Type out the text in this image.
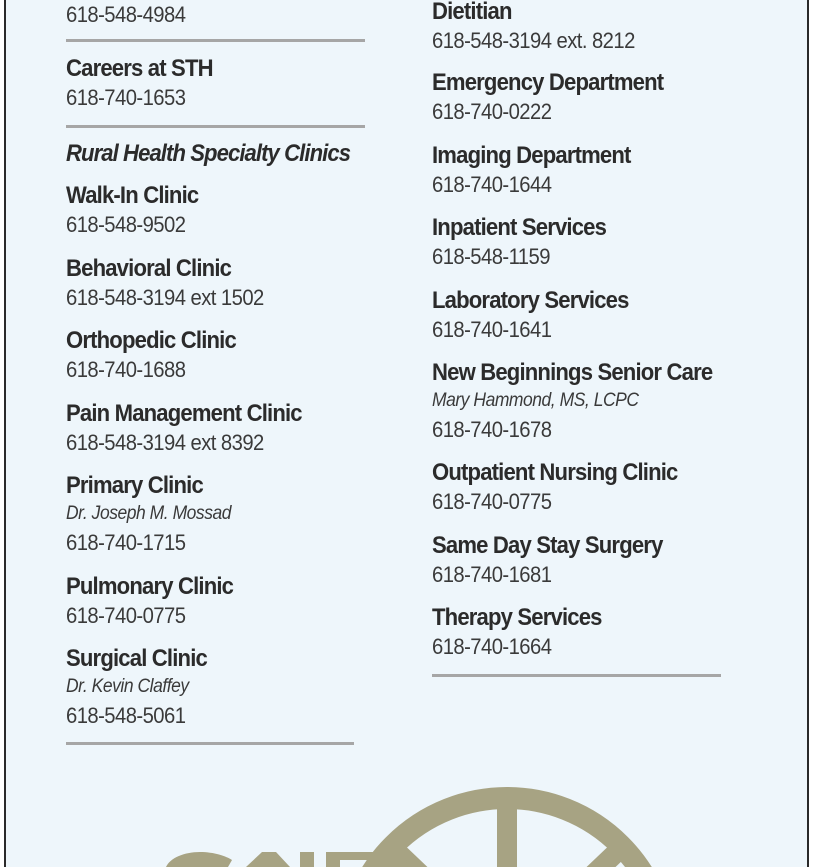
618-548-4984
Careers at STH
618-740-1653
Rural Health Specialty Clinics
Walk-In Clinic
618-548-9502
Behavioral Clinic
618-548-3194 ext 1502
Orthopedic Clinic
618-740-1688
Pain Management Clinic
618-548-3194 ext 8392
Primary Clinic
Dr. Joseph M. Mossad
618-740-1715
Pulmonary Clinic
618-740-0775
Surgical Clinic
Dr. Kevin Claffey
618-548-5061
Dietitian
618-548-3194 ext. 8212
Emergency Department
618-740-0222
Imaging Department
618-740-1644
Inpatient Services
618-548-1159
Laboratory Services
618-740-1641
New Beginnings Senior Care
Mary Hammond, MS, LCPC
618-740-1678
Outpatient Nursing Clinic
618-740-0775
Same Day Stay Surgery
618-740-1681
Therapy Services
618-740-1664
